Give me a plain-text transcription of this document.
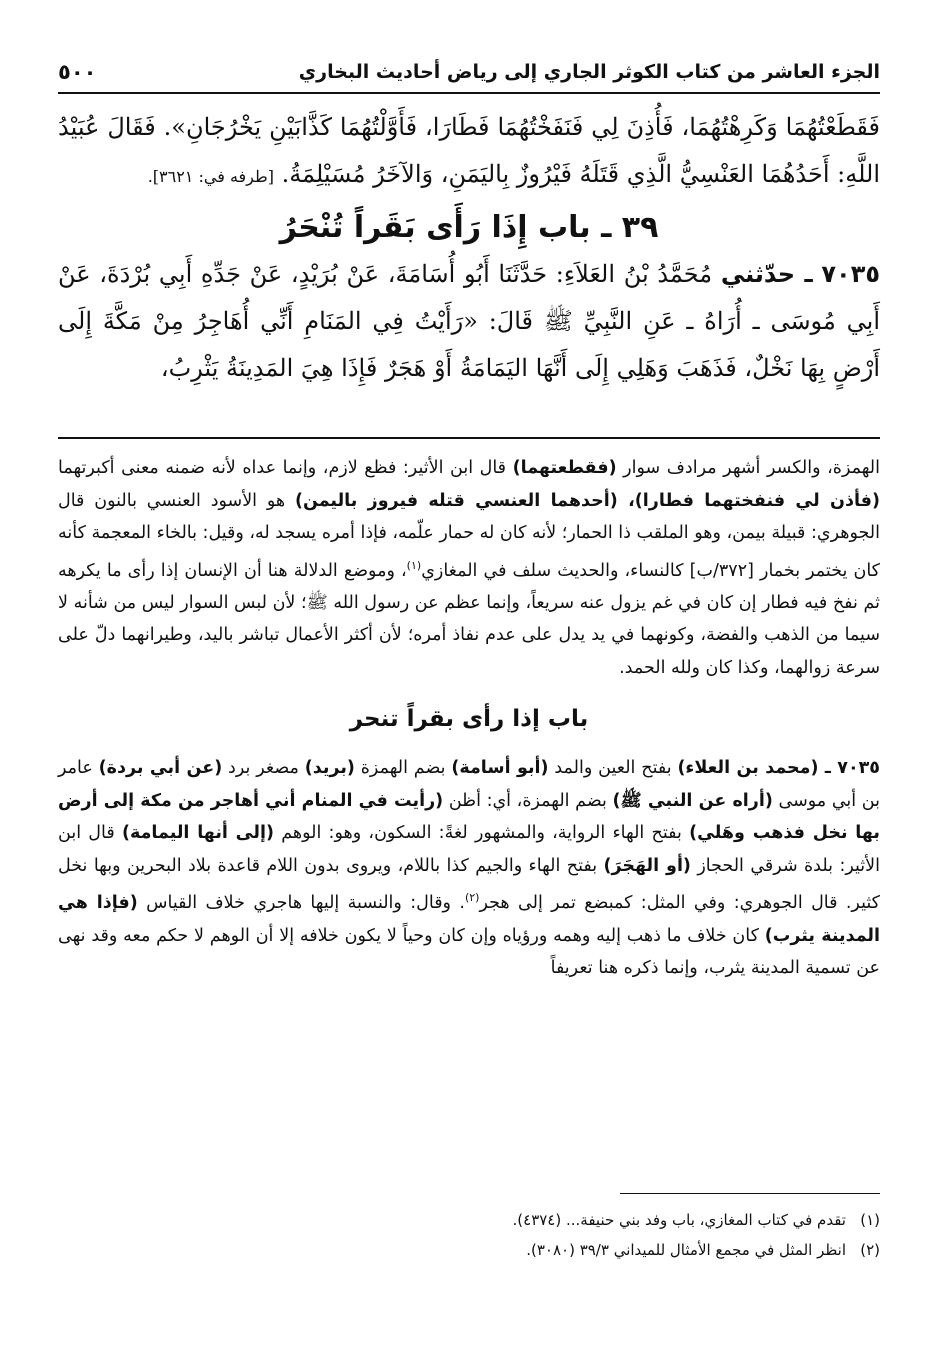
الجزء العاشر من كتاب الكوثر الجاري إلى رياض أحاديث البخاري
٥٠٠

فَقَطَعْتُهُمَا وَكَرِهْتُهُمَا، فَأُذِنَ لِي فَنَفَخْتُهُمَا فَطَارَا، فَأَوَّلْتُهُمَا كَذَّابَيْنِ يَخْرُجَانِ». فَقَالَ عُبَيْدُ اللَّهِ: أَحَدُهُمَا العَنْسِيُّ الَّذِي قَتَلَهُ فَيْرُوزٌ بِاليَمَنِ، وَالآخَرُ مُسَيْلِمَةُ. [طرفه في: ٣٦٢١].

٣٩ ـ باب إِذَا رَأَى بَقَراً تُنْحَرُ

٧٠٣٥ ـ حدّثني مُحَمَّدُ بْنُ العَلاَءِ: حَدَّثَنَا أَبُو أُسَامَةَ، عَنْ بُرَيْدٍ، عَنْ جَدِّهِ أَبِي بُرْدَةَ، عَنْ أَبِي مُوسَى ـ أُرَاهُ ـ عَنِ النَّبِيِّ ﷺ قَالَ: «رَأَيْتُ فِي المَنَامِ أَنِّي أُهَاجِرُ مِنْ مَكَّةَ إِلَى أَرْضٍ بِهَا نَخْلٌ، فَذَهَبَ وَهَلِي إِلَى أَنَّهَا اليَمَامَةُ أَوْ هَجَرٌ فَإِذَا هِيَ المَدِينَةُ يَثْرِبُ،

الهمزة، والكسر أشهر مرادف سوار (فقطعتهما) قال ابن الأثير: فظع لازم، وإنما عداه لأنه ضمنه معنى أكبرتهما (فأذن لي فنفختهما فطارا)، (أحدهما العنسي قتله فيروز باليمن) هو الأسود العنسي بالنون قال الجوهري: قبيلة بيمن، وهو الملقب ذا الحمار؛ لأنه كان له حمار علّمه، فإذا أمره يسجد له، وقيل: بالخاء المعجمة كأنه كان يختمر بخمار [٣٧٢/ب] كالنساء، والحديث سلف في المغازي$^{(١)}$، وموضع الدلالة هنا أن الإنسان إذا رأى ما يكرهه ثم نفخ فيه فطار إن كان في غم يزول عنه سريعاً، وإنما عظم عن رسول الله ﷺ؛ لأن لبس السوار ليس من شأنه لا سيما من الذهب والفضة، وكونهما في يد يدل على عدم نفاذ أمره؛ لأن أكثر الأعمال تباشر باليد، وطيرانهما دلّ على سرعة زوالهما، وكذا كان ولله الحمد.

باب إذا رأى بقراً تنحر

٧٠٣٥ ـ (محمد بن العلاء) بفتح العين والمد (أبو أسامة) بضم الهمزة (بريد) مصغر برد (عن أبي بردة) عامر بن أبي موسى (أراه عن النبي ﷺ) بضم الهمزة، أي: أظن (رأيت في المنام أني أهاجر من مكة إلى أرض بها نخل فذهب وهَلي) بفتح الهاء الرواية، والمشهور لغةً: السكون، وهو: الوهم (إلى أنها اليمامة) قال ابن الأثير: بلدة شرقي الحجاز (أو الهَجَرَ) بفتح الهاء والجيم كذا باللام، ويروى بدون اللام قاعدة بلاد البحرين وبها نخل كثير. قال الجوهري: وفي المثل: كمبضع تمر إلى هجر$^{(٢)}$. وقال: والنسبة إليها هاجري خلاف القياس (فإذا هي المدينة يثرب) كان خلاف ما ذهب إليه وهمه ورؤياه وإن كان وحياً لا يكون خلافه إلا أن الوهم لا حكم معه وقد نهى عن تسمية المدينة يثرب، وإنما ذكره هنا تعريفاً

(١)تقدم في كتاب المغازي، باب وفد بني حنيفة... (٤٣٧٤).

(٢)انظر المثل في مجمع الأمثال للميداني ٣٩/٣ (٣٠٨٠).
